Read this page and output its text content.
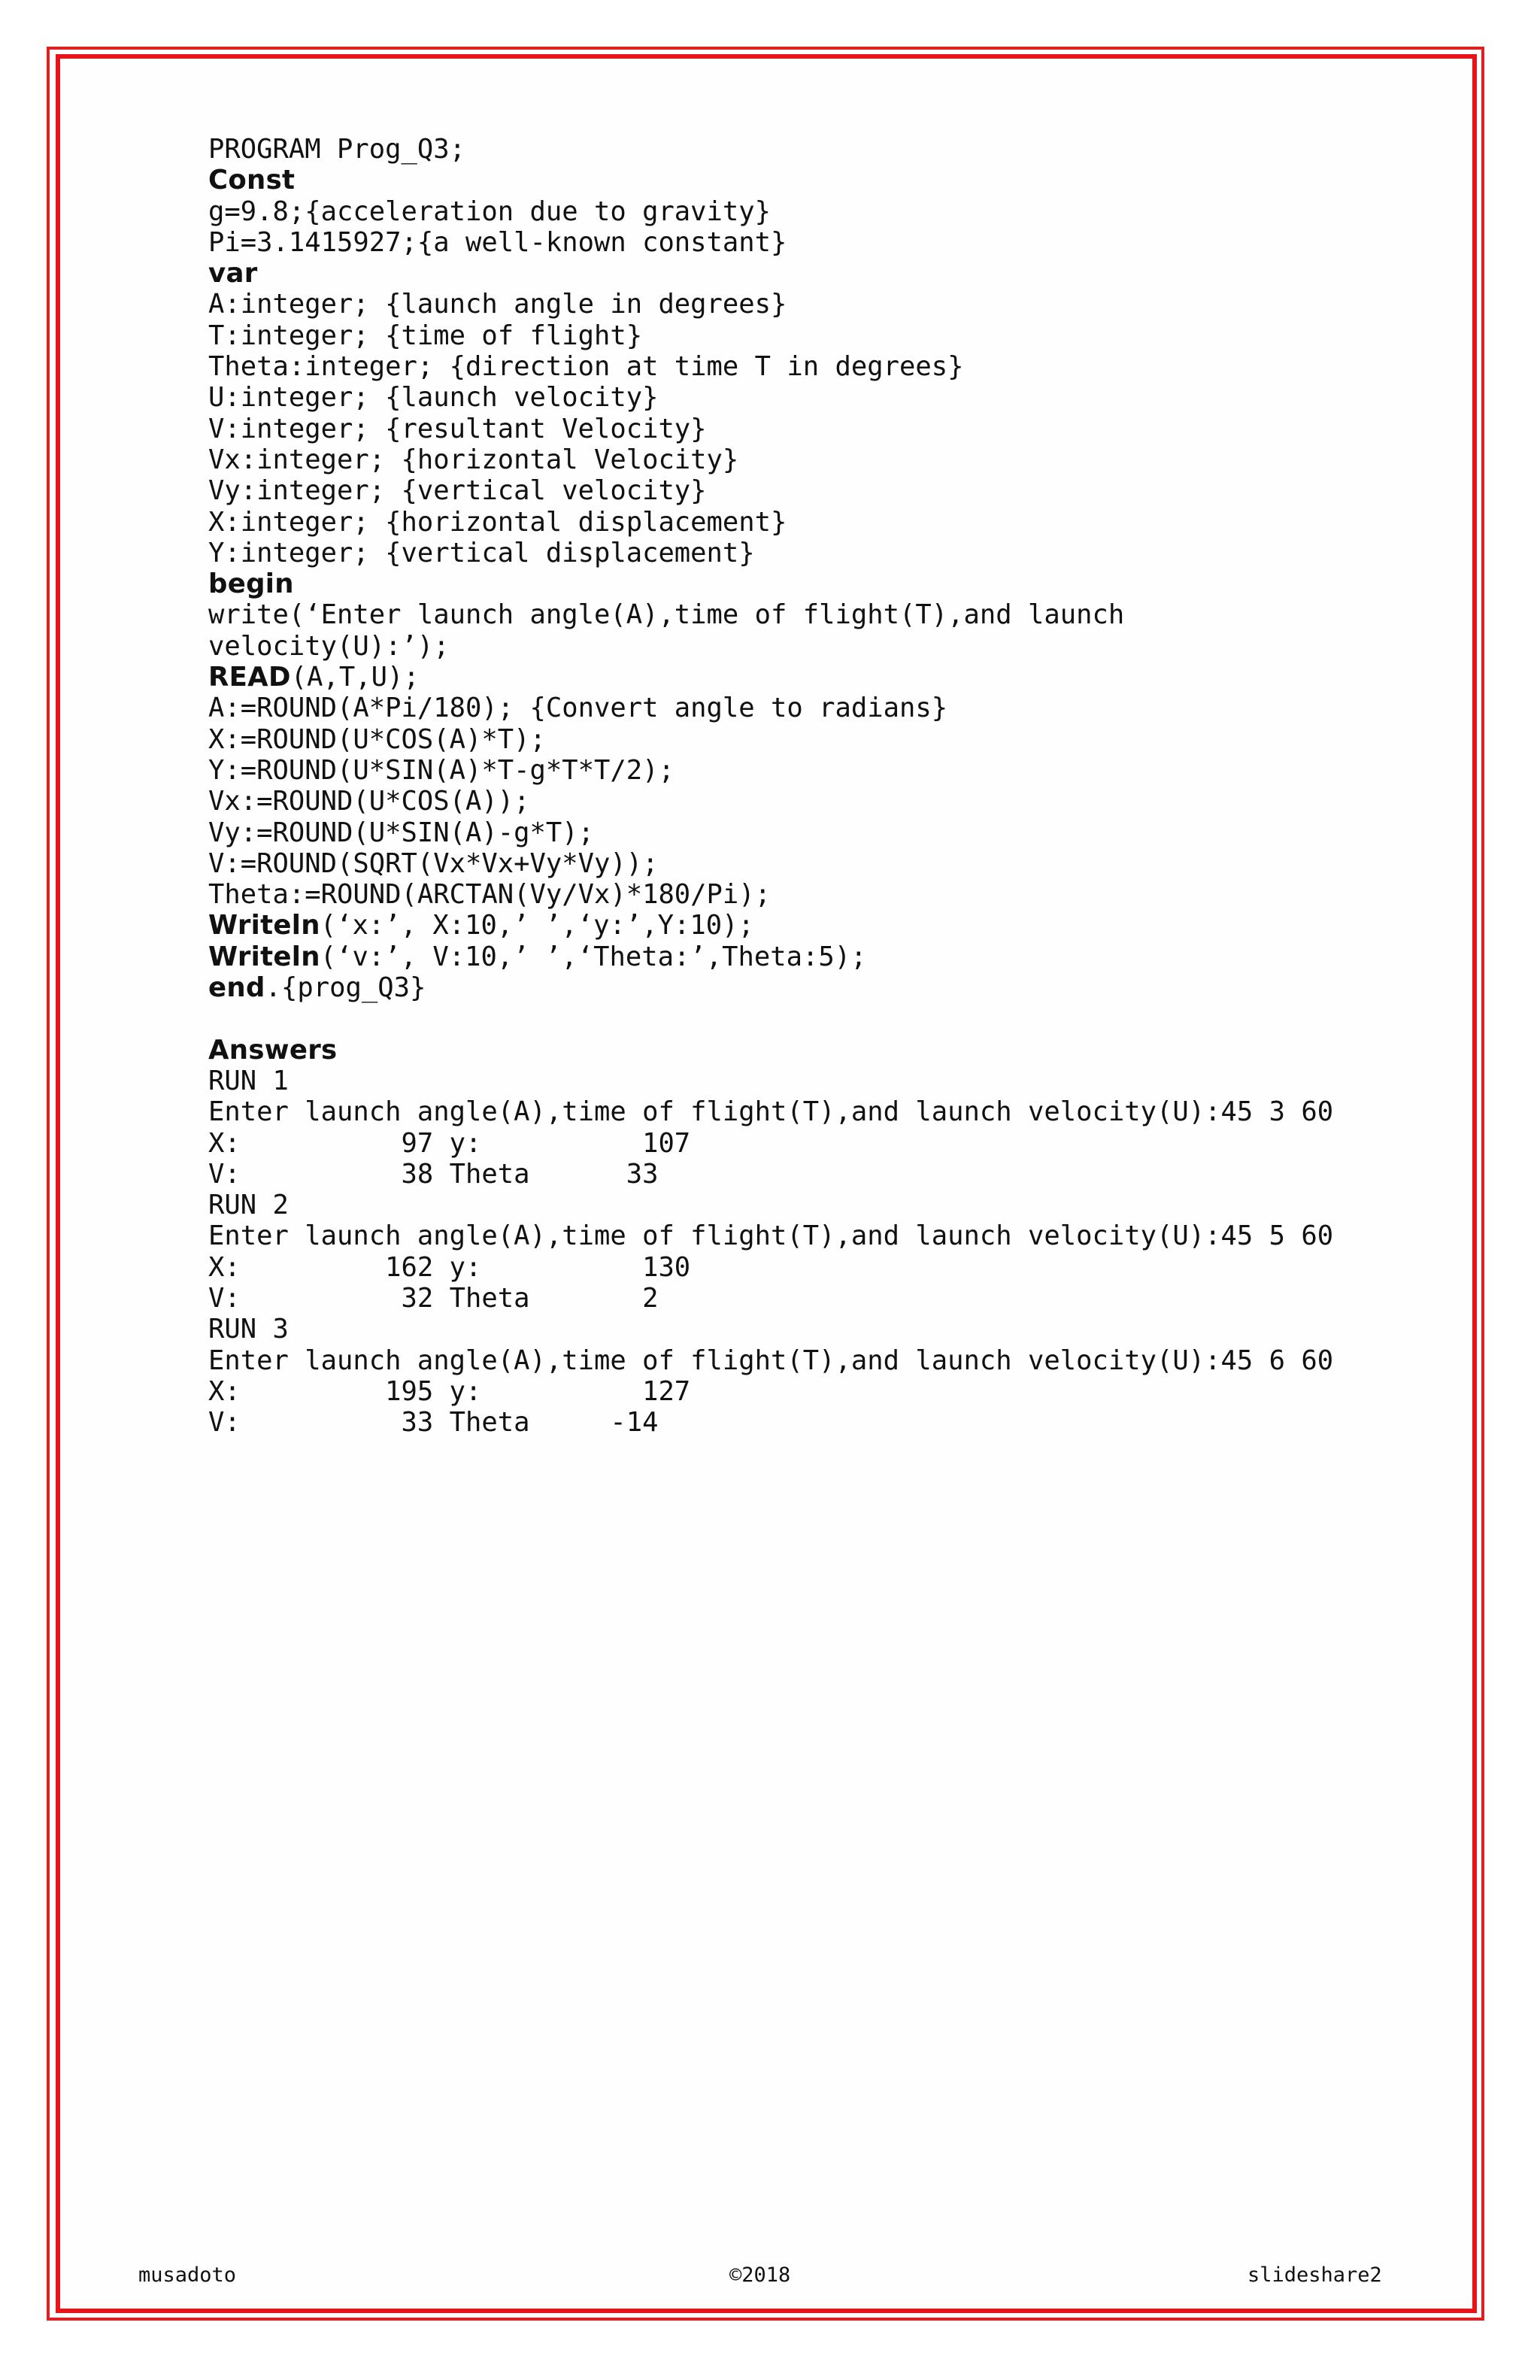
PROGRAM Prog_Q3;
Const
g=9.8;{acceleration due to gravity}
Pi=3.1415927;{a well-known constant}
var
A:integer; {launch angle in degrees}
T:integer; {time of flight}
Theta:integer; {direction at time T in degrees}
U:integer; {launch velocity}
V:integer; {resultant Velocity}
Vx:integer; {horizontal Velocity}
Vy:integer; {vertical velocity}
X:integer; {horizontal displacement}
Y:integer; {vertical displacement}
begin
write(‘Enter launch angle(A),time of flight(T),and launch
velocity(U):’);
READ(A,T,U);
A:=ROUND(A*Pi/180); {Convert angle to radians}
X:=ROUND(U*COS(A)*T);
Y:=ROUND(U*SIN(A)*T-g*T*T/2);
Vx:=ROUND(U*COS(A));
Vy:=ROUND(U*SIN(A)-g*T);
V:=ROUND(SQRT(Vx*Vx+Vy*Vy));
Theta:=ROUND(ARCTAN(Vy/Vx)*180/Pi);
Writeln(‘x:’, X:10,’ ’,‘y:’,Y:10);
Writeln(‘v:’, V:10,’ ’,‘Theta:’,Theta:5);
end.{prog_Q3}
Answers
RUN 1
Enter launch angle(A),time of flight(T),and launch velocity(U):45 3 60
X:          97 y:          107
V:          38 Theta      33
RUN 2
Enter launch angle(A),time of flight(T),and launch velocity(U):45 5 60
X:         162 y:          130
V:          32 Theta       2
RUN 3
Enter launch angle(A),time of flight(T),and launch velocity(U):45 6 60
X:         195 y:          127
V:          33 Theta     -14
musadoto	©2018	slideshare2
